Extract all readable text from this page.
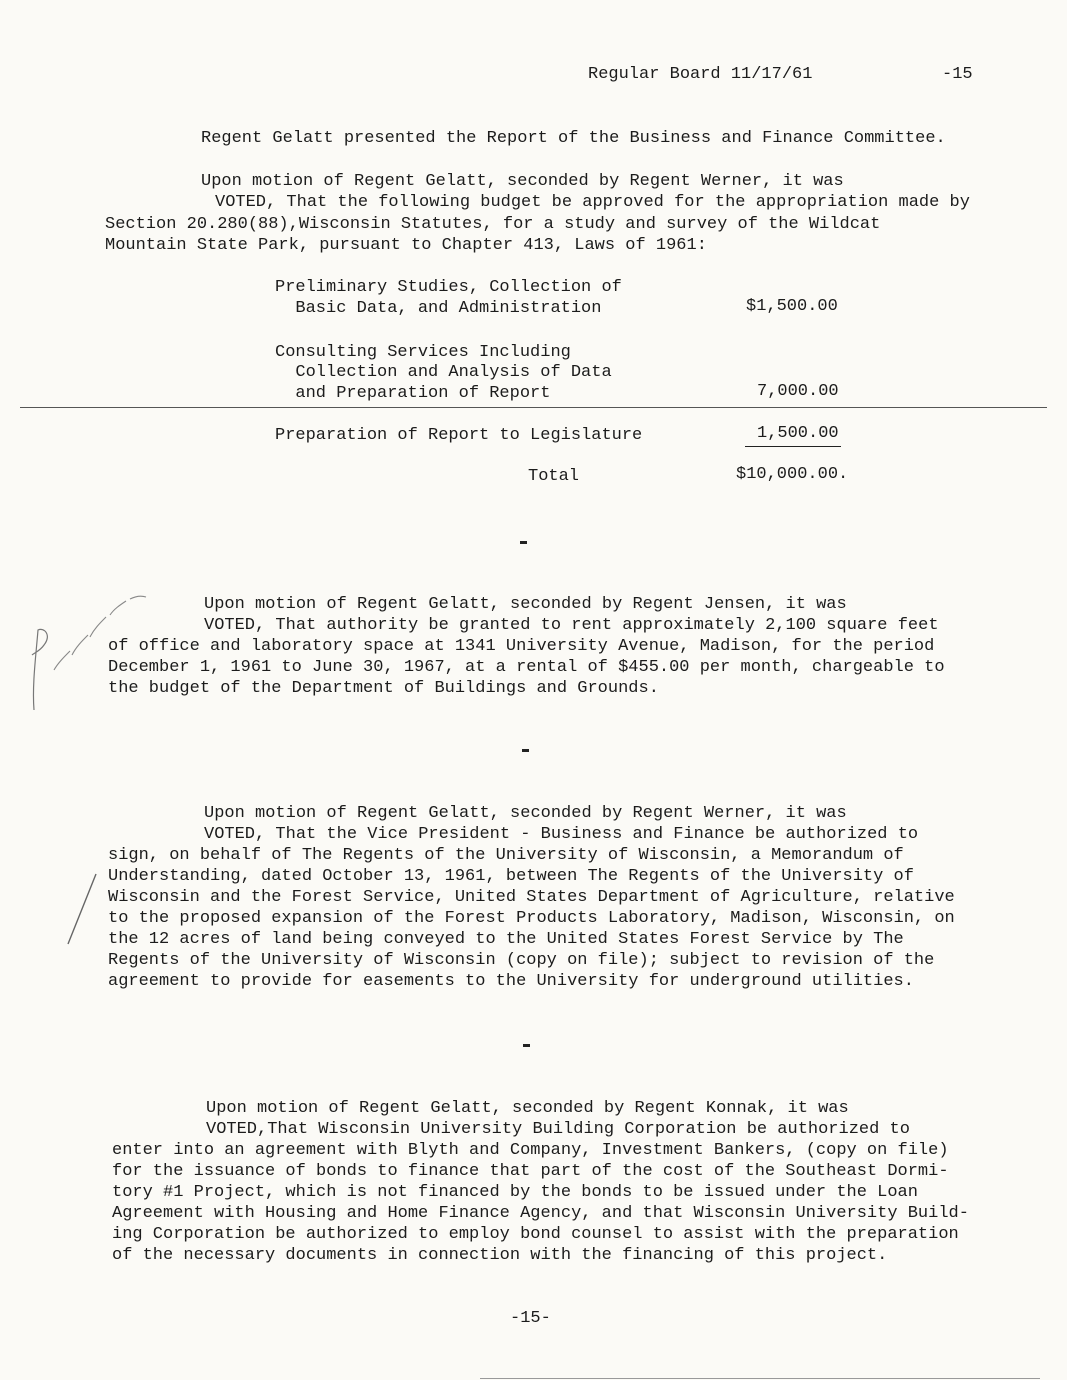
Regular Board 11/17/61	-15
Regent Gelatt presented the Report of the Business and Finance Committee.
Upon motion of Regent Gelatt, seconded by Regent Werner, it was
VOTED, That the following budget be approved for the appropriation made by
Section 20.280(88),Wisconsin Statutes, for a study and survey of the Wildcat
Mountain State Park, pursuant to Chapter 413, Laws of 1961:
Preliminary Studies, Collection of
Basic Data, and Administration	$1,500.00
Consulting Services Including
Collection and Analysis of Data
and Preparation of Report	7,000.00
Preparation of Report to Legislature	1,500.00
Total	$10,000.00.
Upon motion of Regent Gelatt, seconded by Regent Jensen, it was
VOTED, That authority be granted to rent approximately 2,100 square feet
of office and laboratory space at 1341 University Avenue, Madison, for the period
December 1, 1961 to June 30, 1967, at a rental of $455.00 per month, chargeable to
the budget of the Department of Buildings and Grounds.
Upon motion of Regent Gelatt, seconded by Regent Werner, it was
VOTED, That the Vice President - Business and Finance be authorized to
sign, on behalf of The Regents of the University of Wisconsin, a Memorandum of
Understanding, dated October 13, 1961, between The Regents of the University of
Wisconsin and the Forest Service, United States Department of Agriculture, relative
to the proposed expansion of the Forest Products Laboratory, Madison, Wisconsin, on
the 12 acres of land being conveyed to the United States Forest Service by The
Regents of the University of Wisconsin (copy on file); subject to revision of the
agreement to provide for easements to the University for underground utilities.
Upon motion of Regent Gelatt, seconded by Regent Konnak, it was
VOTED,That Wisconsin University Building Corporation be authorized to
enter into an agreement with Blyth and Company, Investment Bankers, (copy on file)
for the issuance of bonds to finance that part of the cost of the Southeast Dormi-
tory #1 Project, which is not financed by the bonds to be issued under the Loan
Agreement with Housing and Home Finance Agency, and that Wisconsin University Build-
ing Corporation be authorized to employ bond counsel to assist with the preparation
of the necessary documents in connection with the financing of this project.
-15-
